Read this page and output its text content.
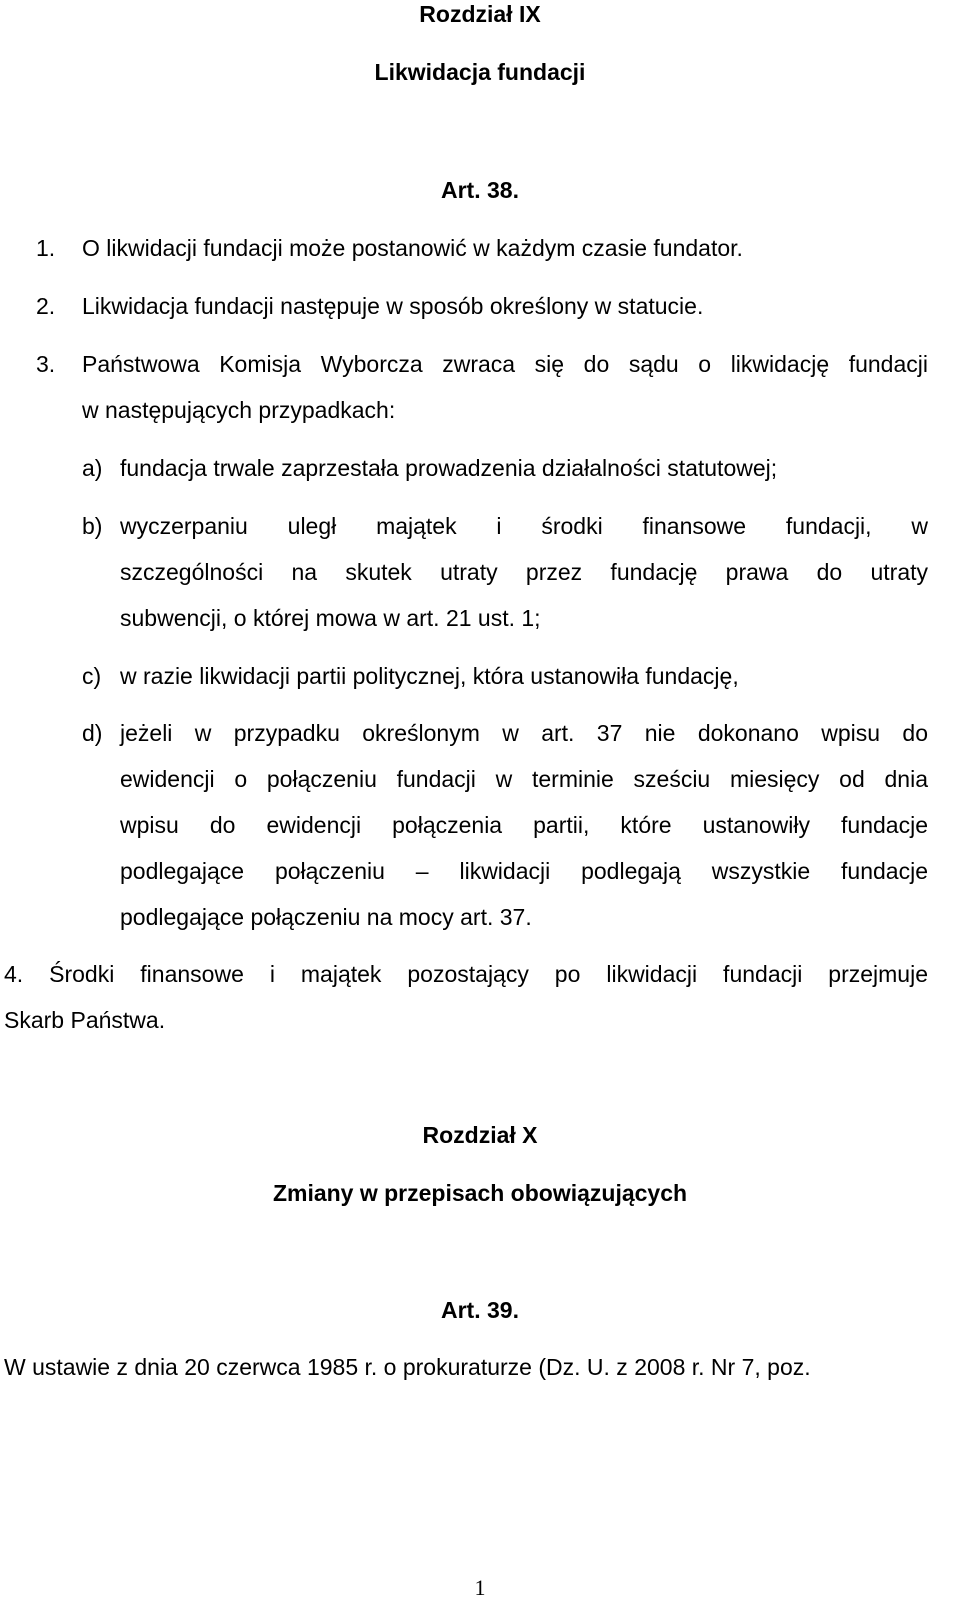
Rozdział IX
Likwidacja fundacji
Art. 38.
1. O likwidacji fundacji może postanowić w każdym czasie fundator.
2. Likwidacja fundacji następuje w sposób określony w statucie.
3. Państwowa Komisja Wyborcza zwraca się do sądu o likwidację fundacji
w następujących przypadkach:
a) fundacja trwale zaprzestała prowadzenia działalności statutowej;
b) wyczerpaniu uległ majątek i środki finansowe fundacji, w
szczególności na skutek utraty przez fundację prawa do utraty
subwencji, o której mowa w art. 21 ust. 1;
c) w razie likwidacji partii politycznej, która ustanowiła fundację,
d) jeżeli w przypadku określonym w art. 37 nie dokonano wpisu do
ewidencji o połączeniu fundacji w terminie sześciu miesięcy od dnia
wpisu do ewidencji połączenia partii, które ustanowiły fundacje
podlegające połączeniu – likwidacji podlegają wszystkie fundacje
podlegające połączeniu na mocy art. 37.
4. Środki finansowe i majątek pozostający po likwidacji fundacji przejmuje
Skarb Państwa.
Rozdział X
Zmiany w przepisach obowiązujących
Art. 39.
W ustawie z dnia 20 czerwca 1985 r. o prokuraturze (Dz. U. z 2008 r. Nr 7, poz.
1
